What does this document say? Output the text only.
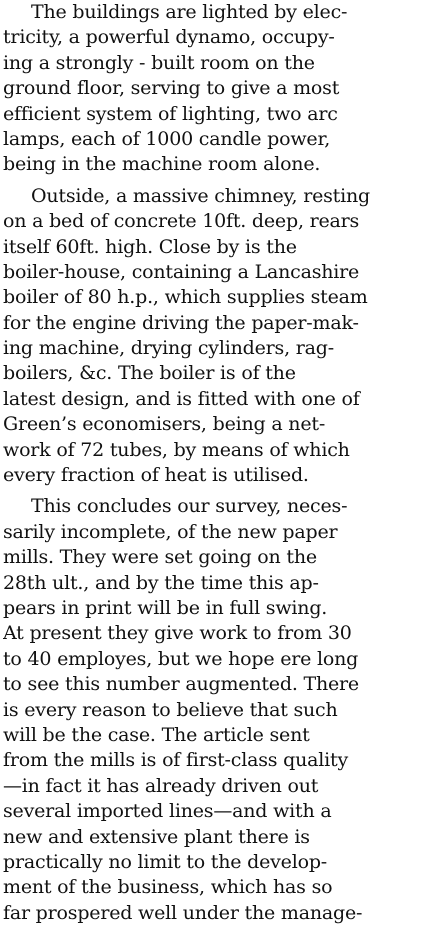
The buildings are lighted by elec-
tricity, a powerful dynamo, occupy-
ing a strongly - built room on the
ground floor, serving to give a most
efficient system of lighting, two arc
lamps, each of 1000 candle power,
being in the machine room alone.
Outside, a massive chimney, resting
on a bed of concrete 10ft. deep, rears
itself 60ft. high. Close by is the
boiler-house, containing a Lancashire
boiler of 80 h.p., which supplies steam
for the engine driving the paper-mak-
ing machine, drying cylinders, rag-
boilers, &c. The boiler is of the
latest design, and is fitted with one of
Green’s economisers, being a net-
work of 72 tubes, by means of which
every fraction of heat is utilised.
This concludes our survey, neces-
sarily incomplete, of the new paper
mills. They were set going on the
28th ult., and by the time this ap-
pears in print will be in full swing.
At present they give work to from 30
to 40 employes, but we hope ere long
to see this number augmented. There
is every reason to believe that such
will be the case. The article sent
from the mills is of first-class quality
—in fact it has already driven out
several imported lines—and with a
new and extensive plant there is
practically no limit to the develop-
ment of the business, which has so
far prospered well under the manage-
